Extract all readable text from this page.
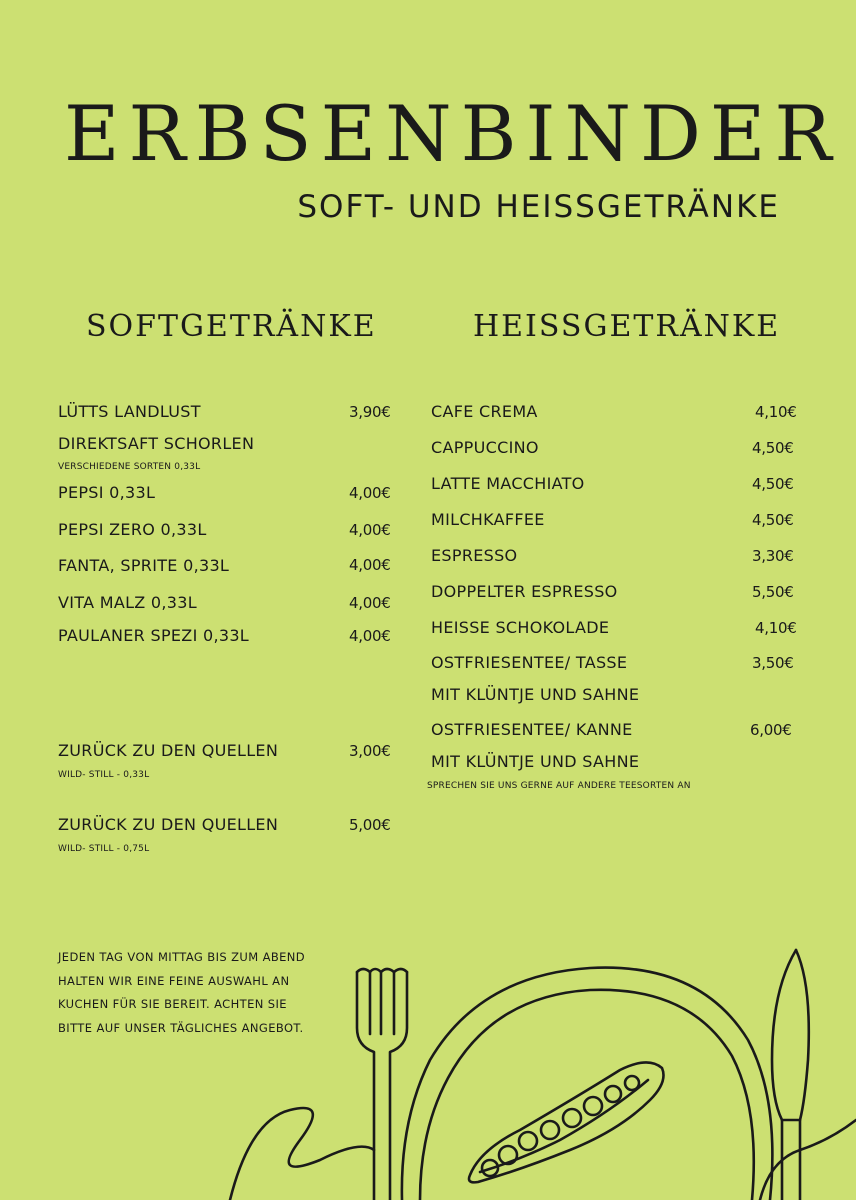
ERBSENBINDER
SOFT- UND HEISSGETRÄNKE
SOFTGETRÄNKE	HEISSGETRÄNKE
LÜTTS LANDLUST	3,90€
DIREKTSAFT SCHORLEN
VERSCHIEDENE SORTEN 0,33L
PEPSI 0,33L	4,00€
PEPSI ZERO 0,33L	4,00€
FANTA, SPRITE 0,33L	4,00€
VITA MALZ 0,33L	4,00€
PAULANER SPEZI 0,33L	4,00€
ZURÜCK ZU DEN QUELLEN	3,00€
WILD- STILL - 0,33L
ZURÜCK ZU DEN QUELLEN	5,00€
WILD- STILL - 0,75L
CAFE CREMA	4,10€
CAPPUCCINO	4,50€
LATTE MACCHIATO	4,50€
MILCHKAFFEE	4,50€
ESPRESSO	3,30€
DOPPELTER ESPRESSO	5,50€
HEISSE SCHOKOLADE	4,10€
OSTFRIESENTEE/ TASSE	3,50€
MIT KLÜNTJE UND SAHNE
OSTFRIESENTEE/ KANNE	6,00€
MIT KLÜNTJE UND SAHNE
SPRECHEN SIE UNS GERNE AUF ANDERE TEESORTEN AN
JEDEN TAG VON MITTAG BIS ZUM ABEND HALTEN WIR EINE FEINE AUSWAHL AN KUCHEN FÜR SIE BEREIT. ACHTEN SIE BITTE AUF UNSER TÄGLICHES ANGEBOT.
